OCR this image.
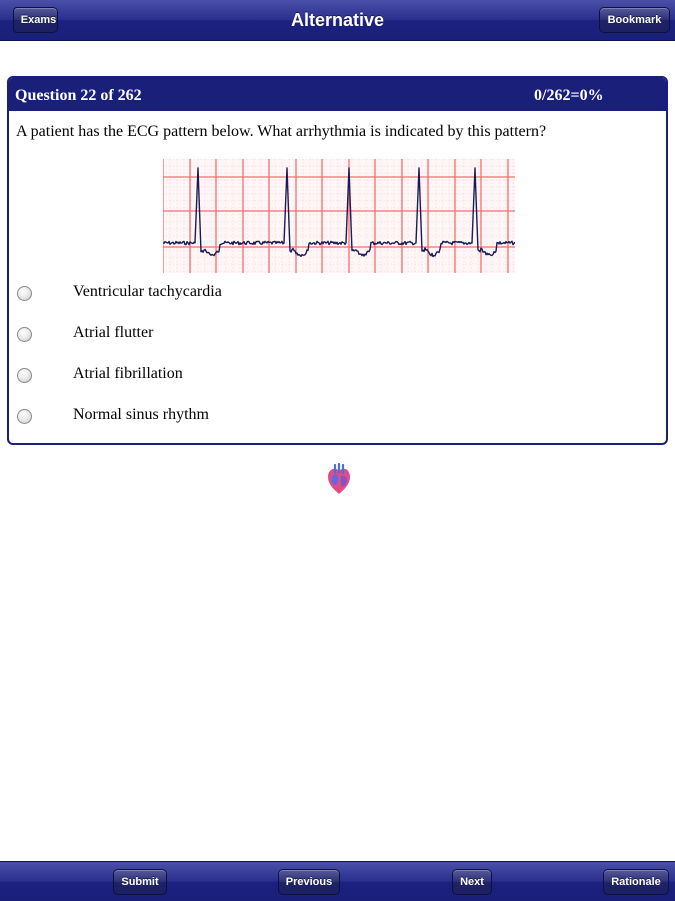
Alternative
Exams	Bookmark
Question 22 of 262	0/262=0%
A patient has the ECG pattern below. What arrhythmia is indicated by this pattern?
Ventricular tachycardia
Atrial flutter
Atrial fibrillation
Normal sinus rhythm
Submit	Previous	Next	Rationale
